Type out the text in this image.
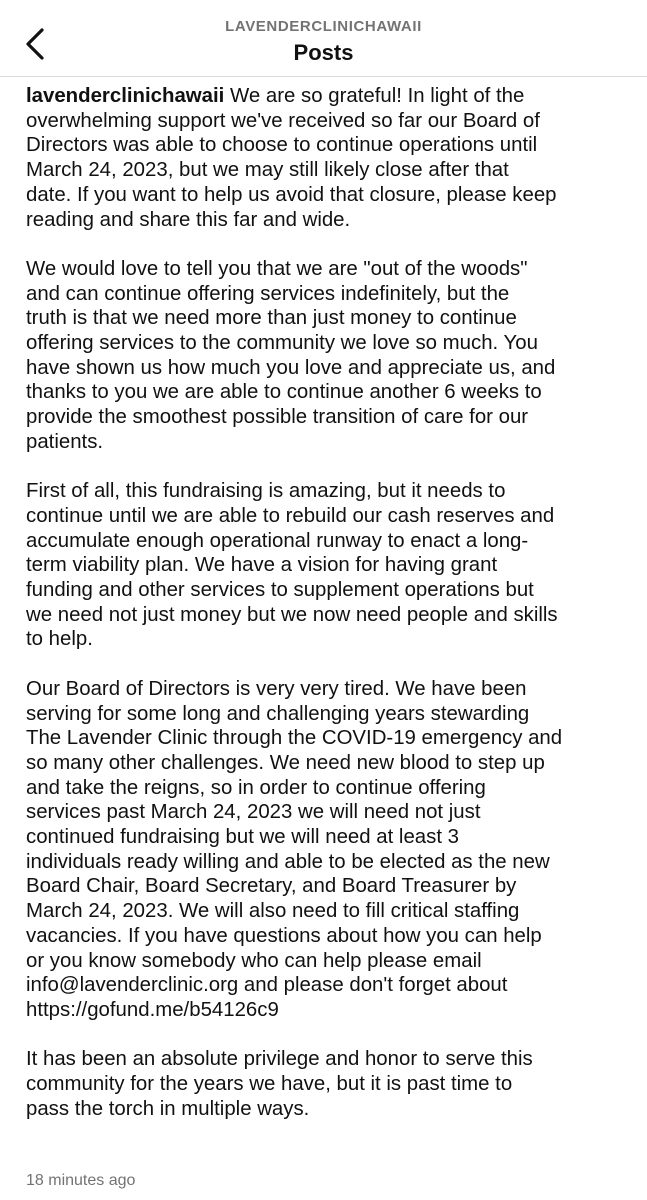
LAVENDERCLINICHAWAII
Posts

lavenderclinichawaii We are so grateful! In light of the
overwhelming support we've received so far our Board of
Directors was able to choose to continue operations until
March 24, 2023, but we may still likely close after that
date. If you want to help us avoid that closure, please keep
reading and share this far and wide.

We would love to tell you that we are "out of the woods"
and can continue offering services indefinitely, but the
truth is that we need more than just money to continue
offering services to the community we love so much. You
have shown us how much you love and appreciate us, and
thanks to you we are able to continue another 6 weeks to
provide the smoothest possible transition of care for our
patients.

First of all, this fundraising is amazing, but it needs to
continue until we are able to rebuild our cash reserves and
accumulate enough operational runway to enact a long-
term viability plan. We have a vision for having grant
funding and other services to supplement operations but
we need not just money but we now need people and skills
to help.

Our Board of Directors is very very tired. We have been
serving for some long and challenging years stewarding
The Lavender Clinic through the COVID-19 emergency and
so many other challenges. We need new blood to step up
and take the reigns, so in order to continue offering
services past March 24, 2023 we will need not just
continued fundraising but we will need at least 3
individuals ready willing and able to be elected as the new
Board Chair, Board Secretary, and Board Treasurer by
March 24, 2023. We will also need to fill critical staffing
vacancies. If you have questions about how you can help
or you know somebody who can help please email
info@lavenderclinic.org and please don't forget about
https://gofund.me/b54126c9

It has been an absolute privilege and honor to serve this
community for the years we have, but it is past time to
pass the torch in multiple ways.

18 minutes ago
